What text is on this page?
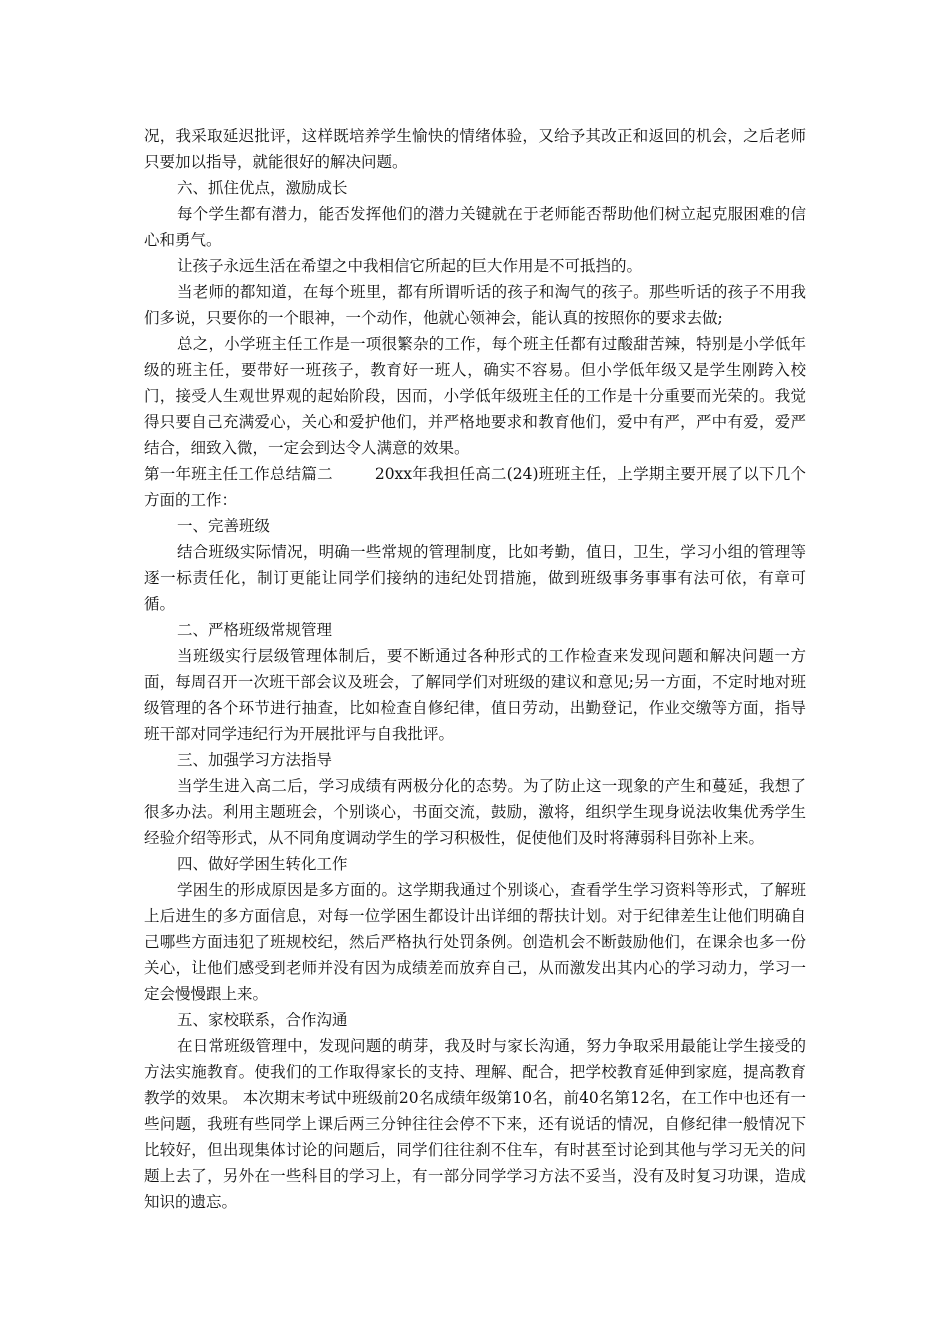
况，我采取延迟批评，这样既培养学生愉快的情绪体验，又给予其改正和返回的机会，之后老师只要加以指导，就能很好的解决问题。

六、抓住优点，激励成长

每个学生都有潜力，能否发挥他们的潜力关键就在于老师能否帮助他们树立起克服困难的信心和勇气。

让孩子永远生活在希望之中我相信它所起的巨大作用是不可抵挡的。

当老师的都知道，在每个班里，都有所谓听话的孩子和淘气的孩子。那些听话的孩子不用我们多说，只要你的一个眼神，一个动作，他就心领神会，能认真的按照你的要求去做;

总之，小学班主任工作是一项很繁杂的工作，每个班主任都有过酸甜苦辣，特别是小学低年级的班主任，要带好一班孩子，教育好一班人，确实不容易。但小学低年级又是学生刚跨入校门，接受人生观世界观的起始阶段，因而，小学低年级班主任的工作是十分重要而光荣的。我觉得只要自己充满爱心，关心和爱护他们，并严格地要求和教育他们，爱中有严，严中有爱，爱严结合，细致入微，一定会到达令人满意的效果。

第一年班主任工作总结篇二	20xx年我担任高二(24)班班主任，上学期主要开展了以下几个方面的工作：

一、完善班级

结合班级实际情况，明确一些常规的管理制度，比如考勤，值日，卫生，学习小组的管理等逐一标责任化，制订更能让同学们接纳的违纪处罚措施，做到班级事务事事有法可依，有章可循。

二、严格班级常规管理

当班级实行层级管理体制后，要不断通过各种形式的工作检查来发现问题和解决问题一方面，每周召开一次班干部会议及班会，了解同学们对班级的建议和意见;另一方面，不定时地对班级管理的各个环节进行抽查，比如检查自修纪律，值日劳动，出勤登记，作业交缴等方面，指导班干部对同学违纪行为开展批评与自我批评。

三、加强学习方法指导

当学生进入高二后，学习成绩有两极分化的态势。为了防止这一现象的产生和蔓延，我想了很多办法。利用主题班会，个别谈心，书面交流，鼓励，激将，组织学生现身说法收集优秀学生经验介绍等形式，从不同角度调动学生的学习积极性，促使他们及时将薄弱科目弥补上来。

四、做好学困生转化工作

学困生的形成原因是多方面的。这学期我通过个别谈心，查看学生学习资料等形式，了解班上后进生的多方面信息，对每一位学困生都设计出详细的帮扶计划。对于纪律差生让他们明确自己哪些方面违犯了班规校纪，然后严格执行处罚条例。创造机会不断鼓励他们，在课余也多一份关心，让他们感受到老师并没有因为成绩差而放弃自己，从而激发出其内心的学习动力，学习一定会慢慢跟上来。

五、家校联系，合作沟通

在日常班级管理中，发现问题的萌芽，我及时与家长沟通，努力争取采用最能让学生接受的方法实施教育。使我们的工作取得家长的支持、理解、配合，把学校教育延伸到家庭，提高教育教学的效果。 本次期末考试中班级前20名成绩年级第10名，前40名第12名，在工作中也还有一些问题，我班有些同学上课后两三分钟往往会停不下来，还有说话的情况，自修纪律一般情况下比较好，但出现集体讨论的问题后，同学们往往刹不住车，有时甚至讨论到其他与学习无关的问题上去了，另外在一些科目的学习上，有一部分同学学习方法不妥当，没有及时复习功课，造成知识的遗忘。
